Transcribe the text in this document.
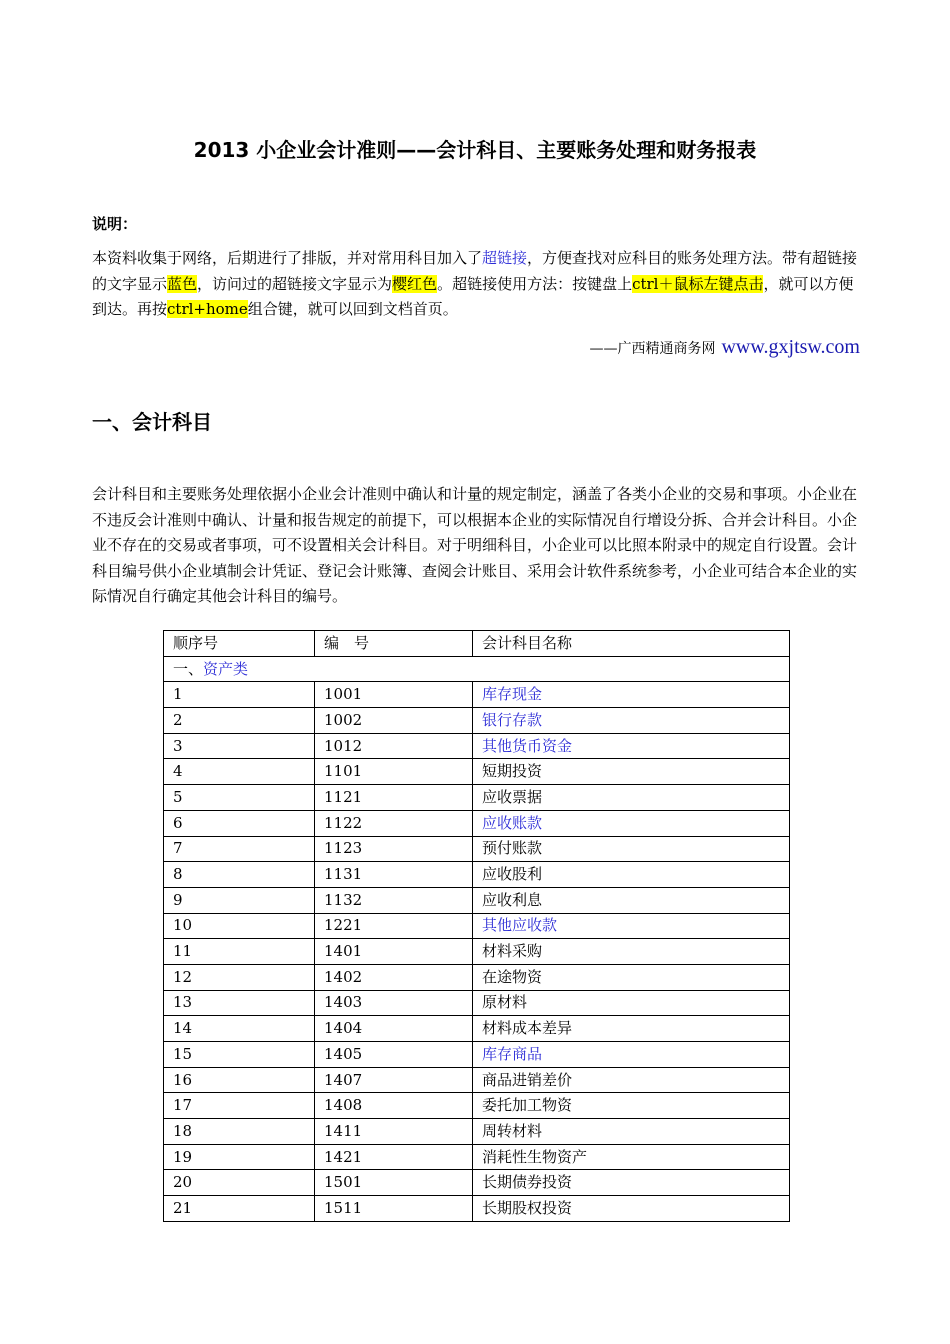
2013 小企业会计准则——会计科目、主要账务处理和财务报表
说明：
本资料收集于网络，后期进行了排版，并对常用科目加入了超链接，方便查找对应科目的账务处理方法。带有超链接的文字显示蓝色，访问过的超链接文字显示为樱红色。超链接使用方法：按键盘上ctrl＋鼠标左键点击，就可以方便到达。再按ctrl+home组合键，就可以回到文档首页。
——广西精通商务网 www.gxjtsw.com
一、会计科目
会计科目和主要账务处理依据小企业会计准则中确认和计量的规定制定，涵盖了各类小企业的交易和事项。小企业在不违反会计准则中确认、计量和报告规定的前提下，可以根据本企业的实际情况自行增设分拆、合并会计科目。小企业不存在的交易或者事项，可不设置相关会计科目。对于明细科目，小企业可以比照本附录中的规定自行设置。会计科目编号供小企业填制会计凭证、登记会计账簿、查阅会计账目、采用会计软件系统参考，小企业可结合本企业的实际情况自行确定其他会计科目的编号。
顺序号	编　号	会计科目名称
一、资产类		
1	1001	库存现金
2	1002	银行存款
3	1012	其他货币资金
4	1101	短期投资
5	1121	应收票据
6	1122	应收账款
7	1123	预付账款
8	1131	应收股利
9	1132	应收利息
10	1221	其他应收款
11	1401	材料采购
12	1402	在途物资
13	1403	原材料
14	1404	材料成本差异
15	1405	库存商品
16	1407	商品进销差价
17	1408	委托加工物资
18	1411	周转材料
19	1421	消耗性生物资产
20	1501	长期债券投资
21	1511	长期股权投资
